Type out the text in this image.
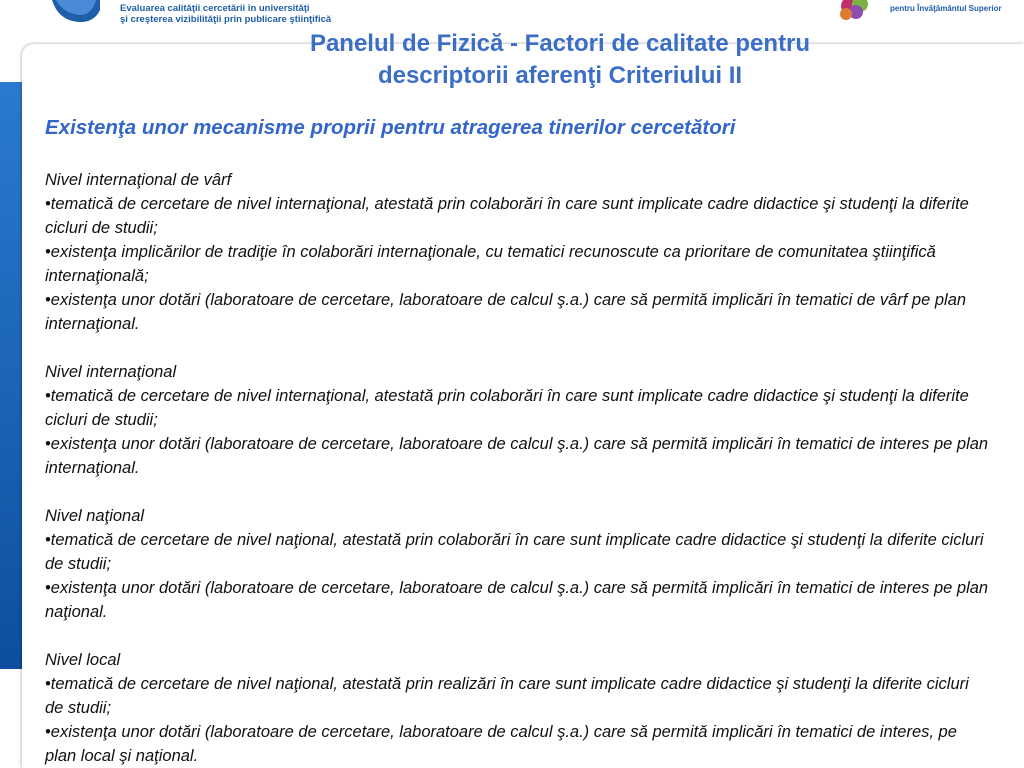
Evaluarea calităţii cercetării în universităţi
şi creşterea vizibilităţii prin publicare ştiinţifică
pentru Învăţământul Superior
Panelul de Fizică - Factori de calitate pentru
descriptorii aferenţi Criteriului II
Existenţa unor mecanisme proprii pentru atragerea tinerilor cercetători
Nivel internaţional de vârf
•tematică de cercetare de nivel internaţional, atestată prin colaborări în care sunt implicate cadre didactice şi studenţi la diferite cicluri de studii;
•existenţa implicărilor de tradiţie în colaborări internaţionale, cu tematici recunoscute ca prioritare de comunitatea ştiinţifică internaţională;
•existenţa unor dotări (laboratoare de cercetare, laboratoare de calcul ş.a.) care să permită implicări în tematici de vârf pe plan internaţional.
Nivel internaţional
•tematică de cercetare de nivel internaţional, atestată prin colaborări în care sunt implicate cadre didactice şi studenţi la diferite cicluri de studii;
•existenţa unor dotări (laboratoare de cercetare, laboratoare de calcul ş.a.) care să permită implicări în tematici de interes pe plan internaţional.
Nivel naţional
•tematică de cercetare de nivel naţional, atestată prin colaborări în care sunt implicate cadre didactice şi studenţi la diferite cicluri de studii;
•existenţa unor dotări (laboratoare de cercetare, laboratoare de calcul ş.a.) care să permită implicări în tematici de interes pe plan naţional.
Nivel local
•tematică de cercetare de nivel naţional, atestată prin realizări în care sunt implicate cadre didactice şi studenţi la diferite cicluri de studii;
•existenţa unor dotări (laboratoare de cercetare, laboratoare de calcul ş.a.) care să permită implicări în tematici de interes, pe plan local şi naţional.
